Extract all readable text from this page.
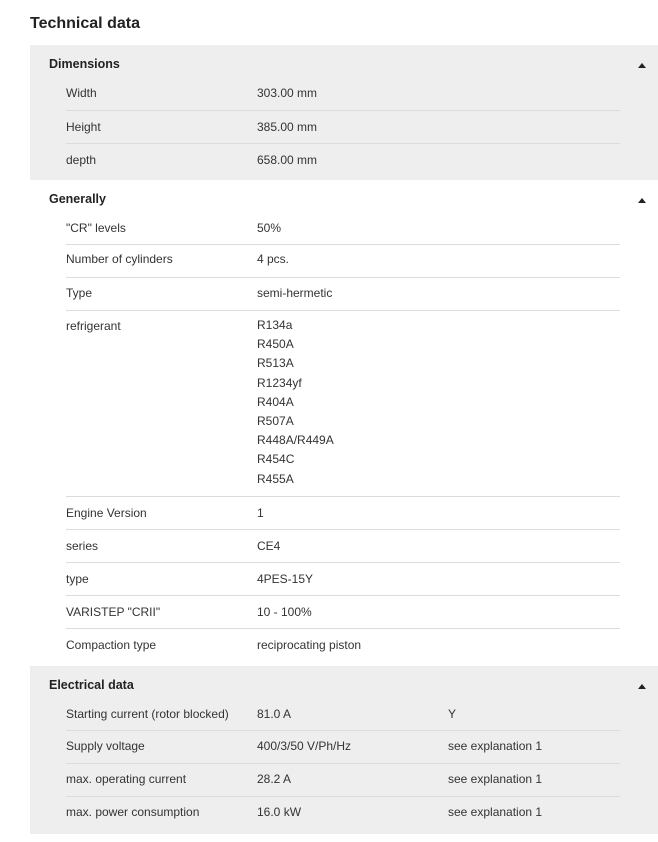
Technical data
Dimensions
Width	303.00 mm
Height	385.00 mm
depth	658.00 mm
Generally
"CR" levels	50%
Number of cylinders	4 pcs.
Type	semi-hermetic
refrigerant	R134a
R450A
R513A
R1234yf
R404A
R507A
R448A/R449A
R454C
R455A
Engine Version	1
series	CE4
type	4PES-15Y
VARISTEP "CRII"	10 - 100%
Compaction type	reciprocating piston
Electrical data
Starting current (rotor blocked)	81.0 A	Y
Supply voltage	400/3/50 V/Ph/Hz	see explanation 1
max. operating current	28.2 A	see explanation 1
max. power consumption	16.0 kW	see explanation 1
